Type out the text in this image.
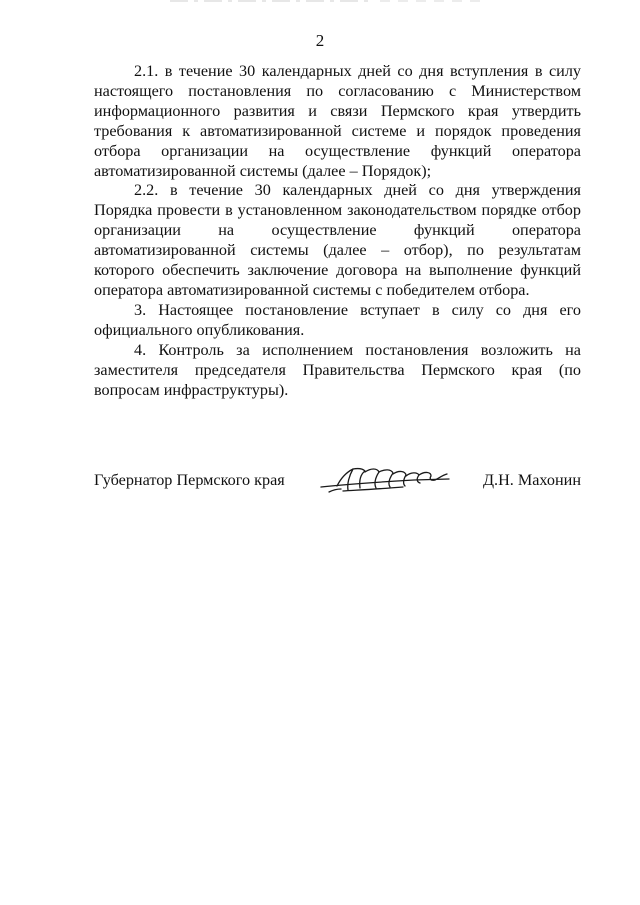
2

2.1. в течение 30 календарных дней со дня вступления в силу настоящего постановления по согласованию с Министерством информационного развития и связи Пермского края утвердить требования к автоматизированной системе и порядок проведения отбора организации на осуществление функций оператора автоматизированной системы (далее – Порядок);

2.2. в течение 30 календарных дней со дня утверждения Порядка провести в установленном законодательством порядке отбор организации на осуществление функций оператора автоматизированной системы (далее – отбор), по результатам которого обеспечить заключение договора на выполнение функций оператора автоматизированной системы с победителем отбора.

3. Настоящее постановление вступает в силу со дня его официального опубликования.

4. Контроль за исполнением постановления возложить на заместителя председателя Правительства Пермского края (по вопросам инфраструктуры).

Губернатор Пермского края	Д.Н. Махонин
